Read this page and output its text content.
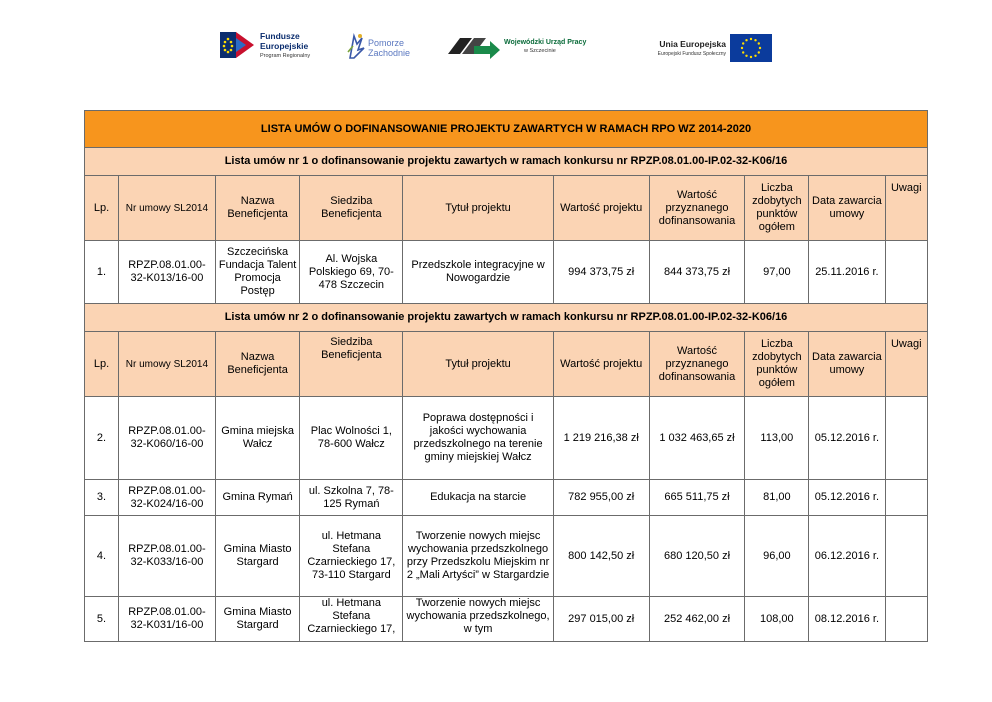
Fundusze
Europejskie
Program Regionalny
Pomorze
Zachodnie
Wojewódzki Urząd Pracy
w Szczecinie
Unia Europejska
Europejski Fundusz Społeczny
LISTA UMÓW O DOFINANSOWANIE PROJEKTU ZAWARTYCH W RAMACH RPO WZ 2014-2020									
Lista umów nr 1 o dofinansowanie projektu zawartych w ramach konkursu nr RPZP.08.01.00-IP.02-32-K06/16									
Lp.	Nr umowy SL2014	Nazwa Beneficjenta	Siedziba Beneficjenta	Tytuł projektu	Wartość projektu	Wartość przyznanego dofinansowania	Liczba zdobytych punktów ogółem	Data zawarcia umowy	Uwagi
1.	RPZP.08.01.00-32-K013/16-00	Szczecińska Fundacja Talent Promocja Postęp	Al. Wojska Polskiego 69, 70-478 Szczecin	Przedszkole integracyjne w Nowogardzie	994 373,75 zł	844 373,75 zł	97,00	25.11.2016 r.	
Lista umów nr 2 o dofinansowanie projektu zawartych w ramach konkursu nr RPZP.08.01.00-IP.02-32-K06/16									
Lp.	Nr umowy SL2014	Nazwa Beneficjenta	Siedziba Beneficjenta	Tytuł projektu	Wartość projektu	Wartość przyznanego dofinansowania	Liczba zdobytych punktów ogółem	Data zawarcia umowy	Uwagi
2.	RPZP.08.01.00-32-K060/16-00	Gmina miejska Wałcz	Plac Wolności 1, 78-600 Wałcz	Poprawa dostępności i jakości wychowania przedszkolnego na terenie gminy miejskiej Wałcz	1 219 216,38 zł	1 032 463,65 zł	113,00	05.12.2016 r.	
3.	RPZP.08.01.00-32-K024/16-00	Gmina Rymań	ul. Szkolna 7, 78-125 Rymań	Edukacja na starcie	782 955,00 zł	665 511,75 zł	81,00	05.12.2016 r.	
4.	RPZP.08.01.00-32-K033/16-00	Gmina Miasto Stargard	ul. Hetmana Stefana Czarnieckiego 17, 73-110 Stargard	Tworzenie nowych miejsc wychowania przedszkolnego przy Przedszkolu Miejskim nr 2 „Mali Artyści” w Stargardzie	800 142,50 zł	680 120,50 zł	96,00	06.12.2016 r.	
5.	RPZP.08.01.00-32-K031/16-00	Gmina Miasto Stargard	ul. Hetmana Stefana Czarnieckiego 17,	Tworzenie nowych miejsc wychowania przedszkolnego, w tym	297 015,00 zł	252 462,00 zł	108,00	08.12.2016 r.	
